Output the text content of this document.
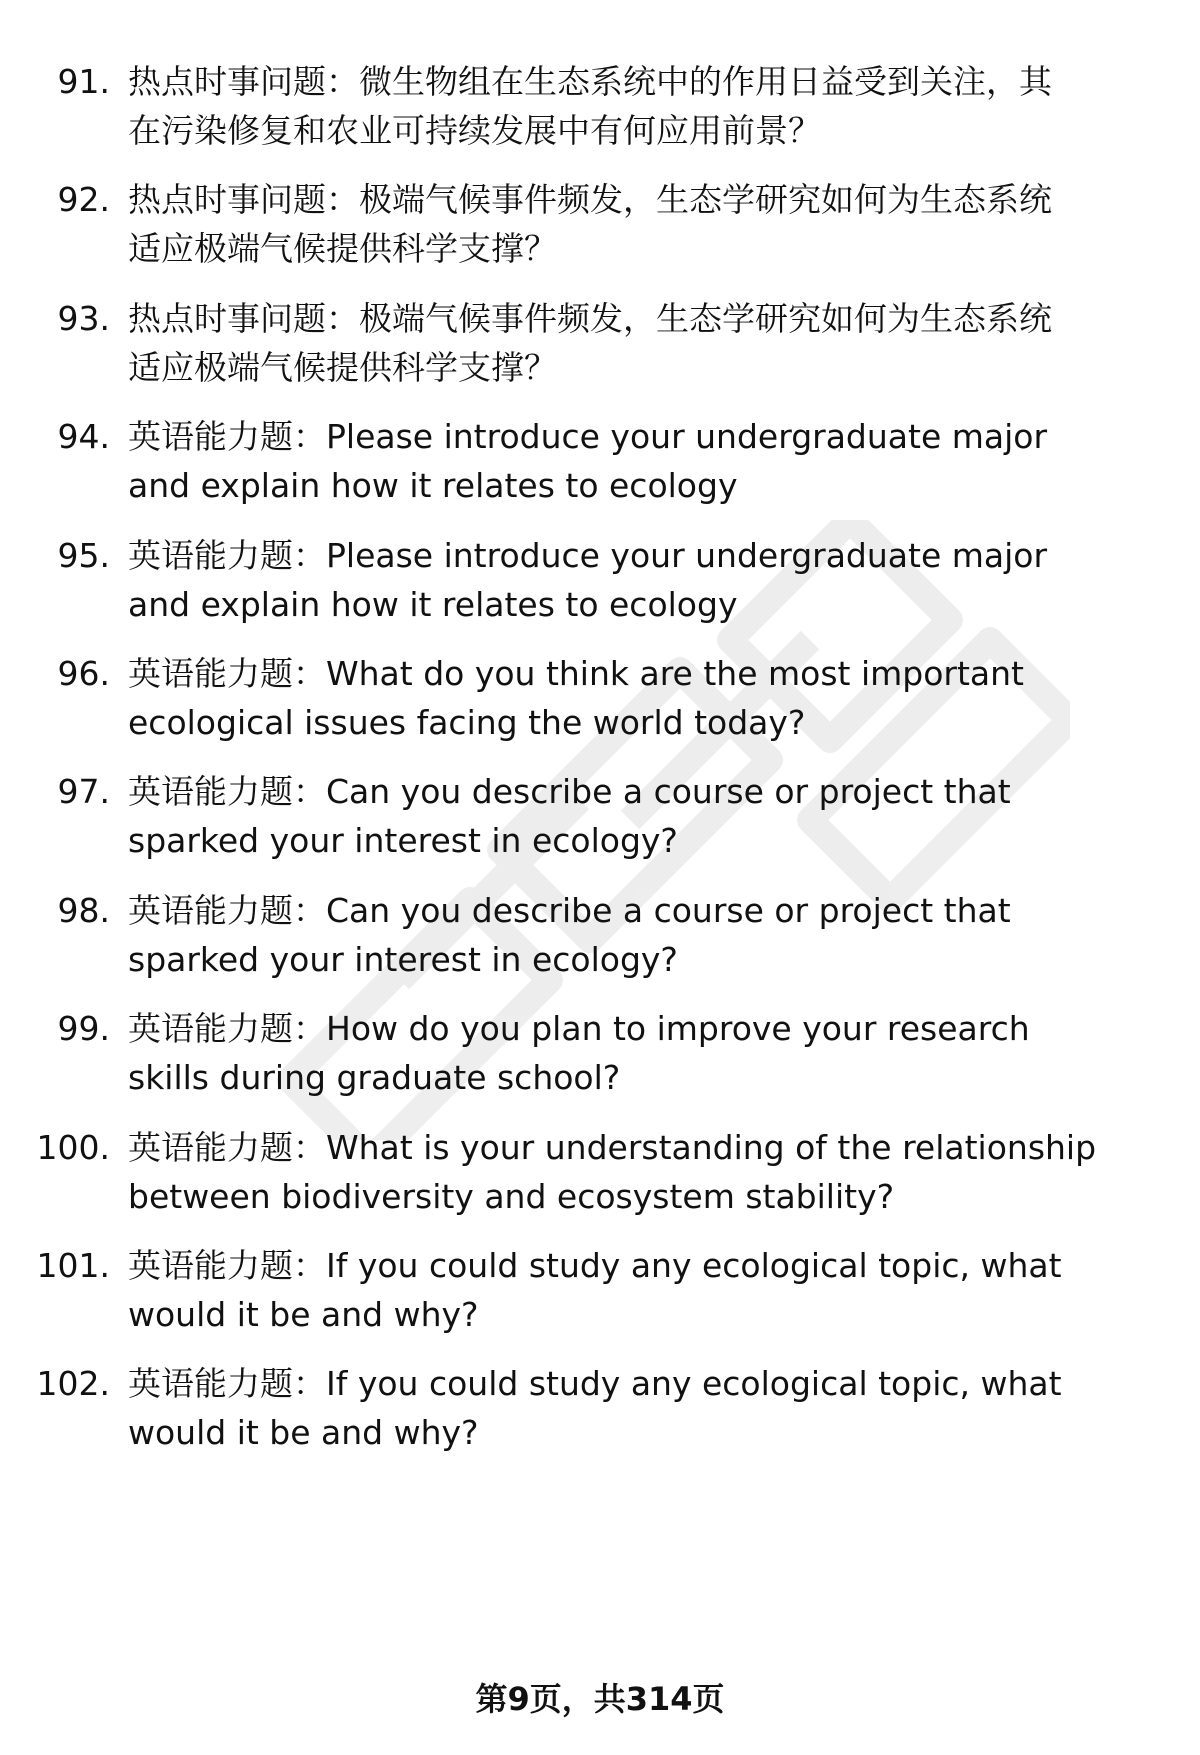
91. 热点时事问题：微生物组在生态系统中的作用日益受到关注，其
在污染修复和农业可持续发展中有何应用前景？
92. 热点时事问题：极端气候事件频发，生态学研究如何为生态系统
适应极端气候提供科学支撑？
93. 热点时事问题：极端气候事件频发，生态学研究如何为生态系统
适应极端气候提供科学支撑？
94. 英语能力题：Please introduce your undergraduate major
and explain how it relates to ecology
95. 英语能力题：Please introduce your undergraduate major
and explain how it relates to ecology
96. 英语能力题：What do you think are the most important
ecological issues facing the world today?
97. 英语能力题：Can you describe a course or project that
sparked your interest in ecology?
98. 英语能力题：Can you describe a course or project that
sparked your interest in ecology?
99. 英语能力题：How do you plan to improve your research
skills during graduate school?
100. 英语能力题：What is your understanding of the relationship
between biodiversity and ecosystem stability?
101. 英语能力题：If you could study any ecological topic, what
would it be and why?
102. 英语能力题：If you could study any ecological topic, what
would it be and why?
第9页，共314页
